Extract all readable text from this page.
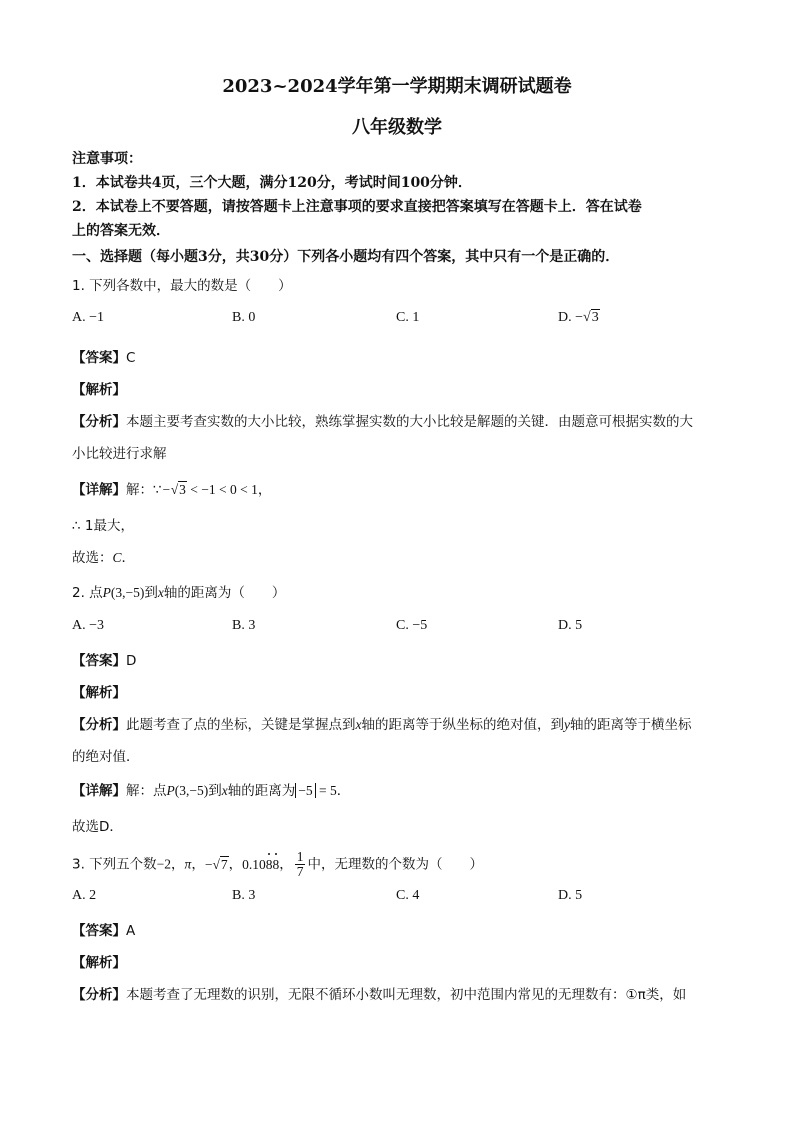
2023~2024学年第一学期期末调研试题卷
八年级数学
注意事项：
1．本试卷共4页，三个大题，满分120分，考试时间100分钟．
2．本试卷上不要答题，请按答题卡上注意事项的要求直接把答案填写在答题卡上．答在试卷
上的答案无效．
一、选择题（每小题3分，共30分）下列各小题均有四个答案，其中只有一个是正确的．
1. 下列各数中，最大的数是（　　）
A. −1	B. 0	C. 1	D. −√3
【答案】C
【解析】
【分析】本题主要考查实数的大小比较，熟练掌握实数的大小比较是解题的关键．由题意可根据实数的大
小比较进行求解
【详解】解：∵−√3 < −1 < 0 < 1，
∴ 1最大，
故选：C．
2. 点P(3,−5)到x轴的距离为（　　）
A. −3	B. 3	C. −5	D. 5
【答案】D
【解析】
【分析】此题考查了点的坐标，关键是掌握点到x轴的距离等于纵坐标的绝对值，到y轴的距离等于横坐标
的绝对值．
【详解】解：点P(3,−5)到x轴的距离为 −5 = 5．
故选D．
3. 下列五个数−2，π，−√7，0.1088， $\frac{1}{7}$ 中，无理数的个数为（　　）
A. 2	B. 3	C. 4	D. 5
【答案】A
【解析】
【分析】本题考查了无理数的识别，无限不循环小数叫无理数，初中范围内常见的无理数有：①π类，如
